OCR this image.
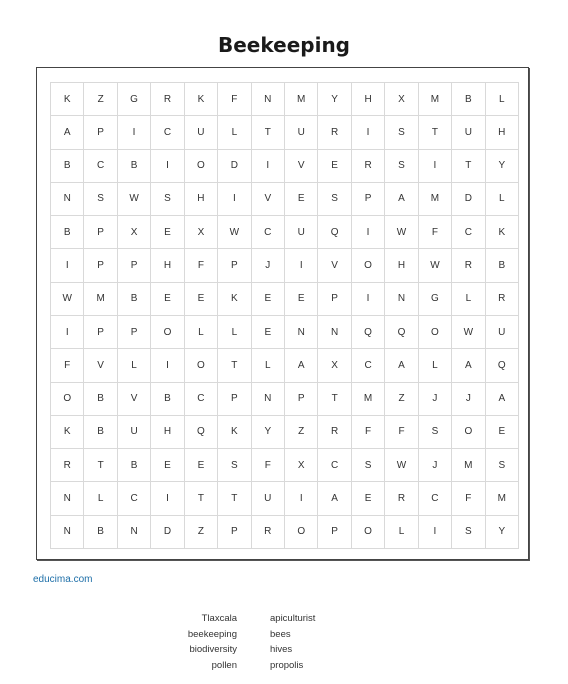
Beekeeping
K	Z	G	R	K	F	N	M	Y	H	X	M	B	L
A	P	I	C	U	L	T	U	R	I	S	T	U	H
B	C	B	I	O	D	I	V	E	R	S	I	T	Y
N	S	W	S	H	I	V	E	S	P	A	M	D	L
B	P	X	E	X	W	C	U	Q	I	W	F	C	K
I	P	P	H	F	P	J	I	V	O	H	W	R	B
W	M	B	E	E	K	E	E	P	I	N	G	L	R
I	P	P	O	L	L	E	N	N	Q	Q	O	W	U
F	V	L	I	O	T	L	A	X	C	A	L	A	Q
O	B	V	B	C	P	N	P	T	M	Z	J	J	A
K	B	U	H	Q	K	Y	Z	R	F	F	S	O	E
R	T	B	E	E	S	F	X	C	S	W	J	M	S
N	L	C	I	T	T	U	I	A	E	R	C	F	M
N	B	N	D	Z	P	R	O	P	O	L	I	S	Y
educima.com
Tlaxcala
beekeeping
biodiversity
pollen
apiculturist
bees
hives
propolis
